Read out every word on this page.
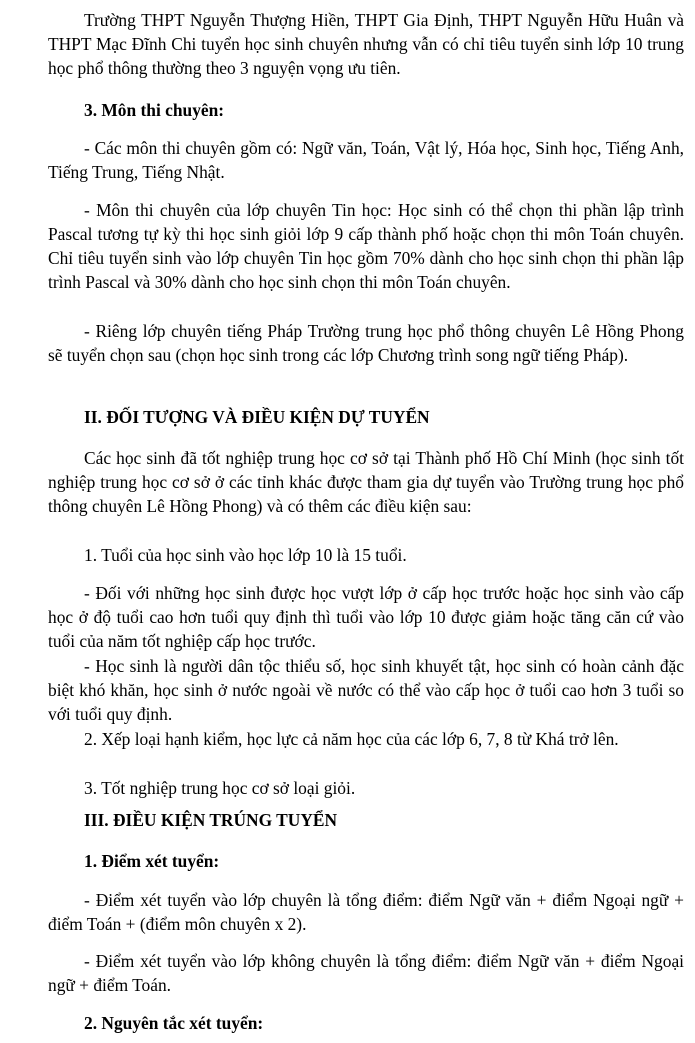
Trường THPT Nguyễn Thượng Hiền, THPT Gia Định, THPT Nguyễn Hữu Huân và THPT Mạc Đĩnh Chi tuyển học sinh chuyên nhưng vẫn có chỉ tiêu tuyển sinh lớp 10 trung học phổ thông thường theo 3 nguyện vọng ưu tiên.

3. Môn thi chuyên:

- Các môn thi chuyên gồm có: Ngữ văn, Toán, Vật lý, Hóa học, Sinh học, Tiếng Anh, Tiếng Trung, Tiếng Nhật.

- Môn thi chuyên của lớp chuyên Tin học: Học sinh có thể chọn thi phần lập trình Pascal tương tự kỳ thi học sinh giỏi lớp 9 cấp thành phố hoặc chọn thi môn Toán chuyên. Chỉ tiêu tuyển sinh vào lớp chuyên Tin học gồm 70% dành cho học sinh chọn thi phần lập trình Pascal và 30% dành cho học sinh chọn thi môn Toán chuyên.

- Riêng lớp chuyên tiếng Pháp Trường trung học phổ thông chuyên Lê Hồng Phong sẽ tuyển chọn sau (chọn học sinh trong các lớp Chương trình song ngữ tiếng Pháp).

II. ĐỐI TƯỢNG VÀ ĐIỀU KIỆN DỰ TUYỂN

Các học sinh đã tốt nghiệp trung học cơ sở tại Thành phố Hồ Chí Minh (học sinh tốt nghiệp trung học cơ sở ở các tỉnh khác được tham gia dự tuyển vào Trường trung học phổ thông chuyên Lê Hồng Phong) và có thêm các điều kiện sau:

1. Tuổi của học sinh vào học lớp 10 là 15 tuổi.

- Đối với những học sinh được học vượt lớp ở cấp học trước hoặc học sinh vào cấp học ở độ tuổi cao hơn tuổi quy định thì tuổi vào lớp 10 được giảm hoặc tăng căn cứ vào tuổi của năm tốt nghiệp cấp học trước.

- Học sinh là người dân tộc thiểu số, học sinh khuyết tật, học sinh có hoàn cảnh đặc biệt khó khăn, học sinh ở nước ngoài về nước có thể vào cấp học ở tuổi cao hơn 3 tuổi so với tuổi quy định.

2. Xếp loại hạnh kiểm, học lực cả năm học của các lớp 6, 7, 8 từ Khá trở lên.

3. Tốt nghiệp trung học cơ sở loại giỏi.

III. ĐIỀU KIỆN TRÚNG TUYỂN

1. Điểm xét tuyển:

- Điểm xét tuyển vào lớp chuyên là tổng điểm: điểm Ngữ văn + điểm Ngoại ngữ + điểm Toán + (điểm môn chuyên x 2).

- Điểm xét tuyển vào lớp không chuyên là tổng điểm: điểm Ngữ văn + điểm Ngoại ngữ + điểm Toán.

2. Nguyên tắc xét tuyển:
